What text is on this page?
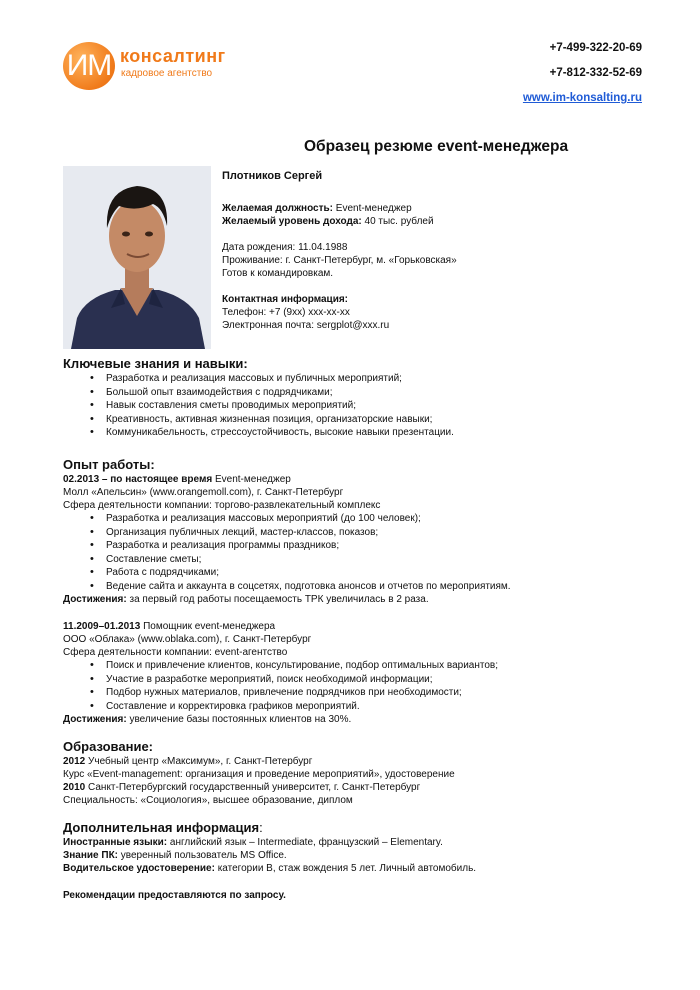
ИМ консалтинг
кадровое агентство
+7-499-322-20-69
+7-812-332-52-69
www.im-konsalting.ru
Образец резюме event-менеджера
Плотников Сергей
Желаемая должность: Event-менеджер
Желаемый уровень дохода: 40 тыс. рублей
Дата рождения: 11.04.1988
Проживание: г. Санкт-Петербург, м. «Горьковская»
Готов к командировкам.
Контактная информация:
Телефон: +7 (9хх) ххх-хх-хх
Электронная почта: sergplot@xxx.ru
Ключевые знания и навыки:
• Разработка и реализация массовых и публичных мероприятий;
• Большой опыт взаимодействия с подрядчиками;
• Навык составления сметы проводимых мероприятий;
• Креативность, активная жизненная позиция, организаторские навыки;
• Коммуникабельность, стрессоустойчивость, высокие навыки презентации.
Опыт работы:
02.2013 – по настоящее время Event-менеджер
Молл «Апельсин» (www.orangemoll.com), г. Санкт-Петербург
Сфера деятельности компании: торгово-развлекательный комплекс
• Разработка и реализация массовых мероприятий (до 100 человек);
• Организация публичных лекций, мастер-классов, показов;
• Разработка и реализация программы праздников;
• Составление сметы;
• Работа с подрядчиками;
• Ведение сайта и аккаунта в соцсетях, подготовка анонсов и отчетов по мероприятиям.
Достижения: за первый год работы посещаемость ТРК увеличилась в 2 раза.
11.2009–01.2013 Помощник event-менеджера
ООО «Облака» (www.oblaka.com), г. Санкт-Петербург
Сфера деятельности компании: event-агентство
• Поиск и привлечение клиентов, консультирование, подбор оптимальных вариантов;
• Участие в разработке мероприятий, поиск необходимой информации;
• Подбор нужных материалов, привлечение подрядчиков при необходимости;
• Составление и корректировка графиков мероприятий.
Достижения: увеличение базы постоянных клиентов на 30%.
Образование:
2012 Учебный центр «Максимум», г. Санкт-Петербург
Курс «Event-management: организация и проведение мероприятий», удостоверение
2010 Санкт-Петербургский государственный университет, г. Санкт-Петербург
Специальность: «Социология», высшее образование, диплом
Дополнительная информация:
Иностранные языки: английский язык – Intermediate, французский – Elementary.
Знание ПК: уверенный пользователь MS Office.
Водительское удостоверение: категории B, стаж вождения 5 лет. Личный автомобиль.
Рекомендации предоставляются по запросу.
